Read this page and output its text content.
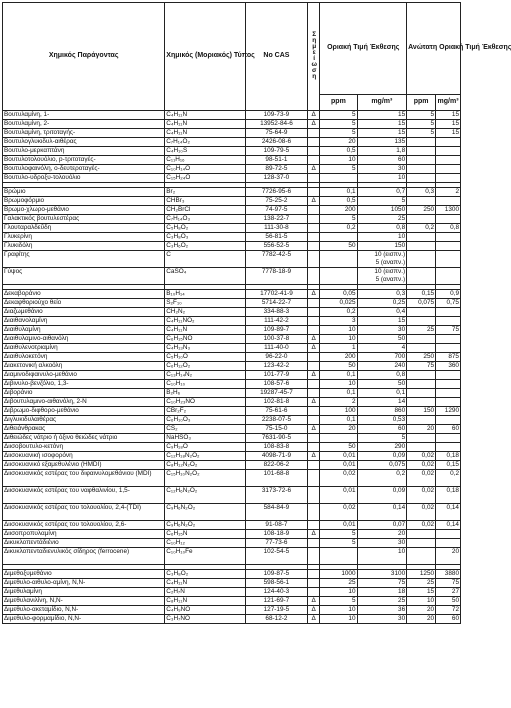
Χημικός Παράγοντας	Χημικός (Μοριακός) Τύπος	No CAS	Σημείωση	Οριακή Τιμή Έκθεσης		Ανώτατη Οριακή Τιμή Έκθεσης	
				ppm	mg/m³	ppm	mg/m³
Βουτυλαμίνη, 1-	C₄H₁₁N	109-73-9	Δ	5	15	5	15
Βουτυλαμίνη, 2-	C₄H₁₁N	13952-84-6	Δ	5	15	5	15
Βουτυλαμίνη, τριτοταγής-	C₄H₁₁N	75-64-9		5	15	5	15
Βουτυλογλυκιδυλ-αιθέρας	C₇H₁₄O₂	2426-08-6		20	135		
Βουτυλο-μερκαπτάνη	C₄H₁₀S	109-79-5		0,5	1,8		
Βουτυλοτολουόλιο, p-τριτοταγές-	C₁₁H₁₆	98-51-1		10	60		
Βουτυλοφαινόλη, o-δευτεροταγές-	C₁₀H₁₄O	89-72-5	Δ	5	30		
Βουτυλο-υδροξυ-τολουόλιο	C₁₅H₂₄O	128-37-0			10		

Βρώμιο	Br₂	7726-95-6		0,1	0,7	0,3	2
Βρωμοφόρμιο	CHBr₃	75-25-2	Δ	0,5	5		
Βρωμο-χλωρο-μεθάνιο	CH₂BrCl	74-97-5		200	1050	250	1300
Γαλακτικός βουτυλεστέρας	C₇H₁₄O₃	138-22-7		5	25		
Γλουταραλδεΰδη	C₅H₈O₂	111-30-8		0,2	0,8	0,2	0,8
Γλυκερίνη	C₃H₈O₃	56-81-5			10		
Γλυκιδόλη	C₃H₆O₂	556-52-5		50	150		
Γραφίτης	C	7782-42-5			10 (εισπν.)
5 (αναπν.)		
Γύψος	CaSO₄	7778-18-9			10 (εισπν.)
5 (αναπν.)		

Δεκαβοράνιο	B₁₀H₁₄	17702-41-9	Δ	0,05	0,3	0,15	0,9
Δεκαφθοριούχο θείο	S₂F₁₀	5714-22-7		0,025	0,25	0,075	0,75
Διαζωμεθάνιο	CH₂N₂	334-88-3		0,2	0,4		
Διαιθανολαμίνη	C₄H₁₁NO₂	111-42-2		3	15		
Διαιθυλαμίνη	C₄H₁₁N	109-89-7		10	30	25	75
Διαιθυλαμινο-αιθανόλη	C₆H₁₅NO	100-37-8	Δ	10	50		
Διαιθυλενοτριαμίνη	C₄H₁₃N₃	111-40-0	Δ	1	4		
Διαιθυλοκετόνη	C₅H₁₀O	96-22-0		200	700	250	875
Διακετονική αλκοόλη	C₆H₁₂O₂	123-42-2		50	240	75	360
Διαμινοδιφαινυλο-μεθάνιο	C₁₃H₁₄N₂	101-77-9	Δ	0,1	0,8		
Διβινυλο-βενζόλιο, 1,3-	C₁₀H₁₀	108-57-6		10	50		
Διβοράνιο	B₂H₆	19287-45-7		0,1	0,1		
Διβουτυλαμινο-αιθανόλη, 2-Ν	C₁₀H₂₃NO	102-81-8	Δ	2	14		
Διβρωμο-διφθορο-μεθάνιο	CBr₂F₂	75-61-6		100	860	150	1290
Διγλυκιδυλαιθέρας	C₆H₁₀O₃	2238-07-5		0,1	0,53		
Διθειάνθρακας	CS₂	75-15-0	Δ	20	60	20	60
Διθειώδες νάτριο ή όξινο θειώδες νάτριο	NaHSO₃	7631-90-5			5		
Διισοβουτυλο-κετόνη	C₉H₁₈O	108-83-8		50	290		
Διισοκυανική ισοφορόνη	C₁₂H₁₈N₂O₂	4098-71-9	Δ	0,01	0,09	0,02	0,18
Διισοκυανικό εξαμεθυλένιο (HMDI)	C₈H₁₂N₂O₂	822-06-2		0,01	0,075	0,02	0,15
Διισοκυανικός εστέρας του διφαινυλομεθάνιου (MDI)	C₁₅H₁₀N₂O₂	101-68-8		0,02	0,2	0,02	0,2
Διισοκυανικός εστέρας του ναφθαλινίου, 1,5-	C₁₂H₆N₂O₂	3173-72-6		0,01	0,09	0,02	0,18
Διισοκυανικός εστέρας του τολουολίου, 2,4-(TDI)	C₉H₆N₂O₂	584-84-9		0,02	0,14	0,02	0,14
Διισοκυανικός εστέρας του τολουολίου, 2,6-	C₉H₆N₂O₂	91-08-7		0,01	0,07	0,02	0,14
Διισοπροπυλαμίνη	C₆H₁₅N	108-18-9	Δ	5	20		
Δικυκλοπεντάδιένιο	C₁₀H₁₂	77-73-6		5	30		
Δικυκλοπενταδιενυλικός σίδηρος (ferrocene)	C₁₀H₁₀Fe	102-54-5			10		20

Διμεθοξυμεθάνιο	C₃H₈O₂	109-87-5		1000	3100	1250	3880
Διμεθυλο-αιθυλο-αμίνη, N,N-	C₄H₁₁N	598-56-1		25	75	25	75
Διμεθυλαμίνη	C₂H₇N	124-40-3		10	18	15	27
Διμεθυλανιλίνη, N,N-	C₈H₁₁N	121-69-7	Δ	5	25	10	50
Διμεθυλο-ακεταμίδιο, N,N-	C₄H₉NO	127-19-5	Δ	10	36	20	72
Διμεθυλο-φορμαμίδιο, N,N-	C₃H₇NO	68-12-2	Δ	10	30	20	60
